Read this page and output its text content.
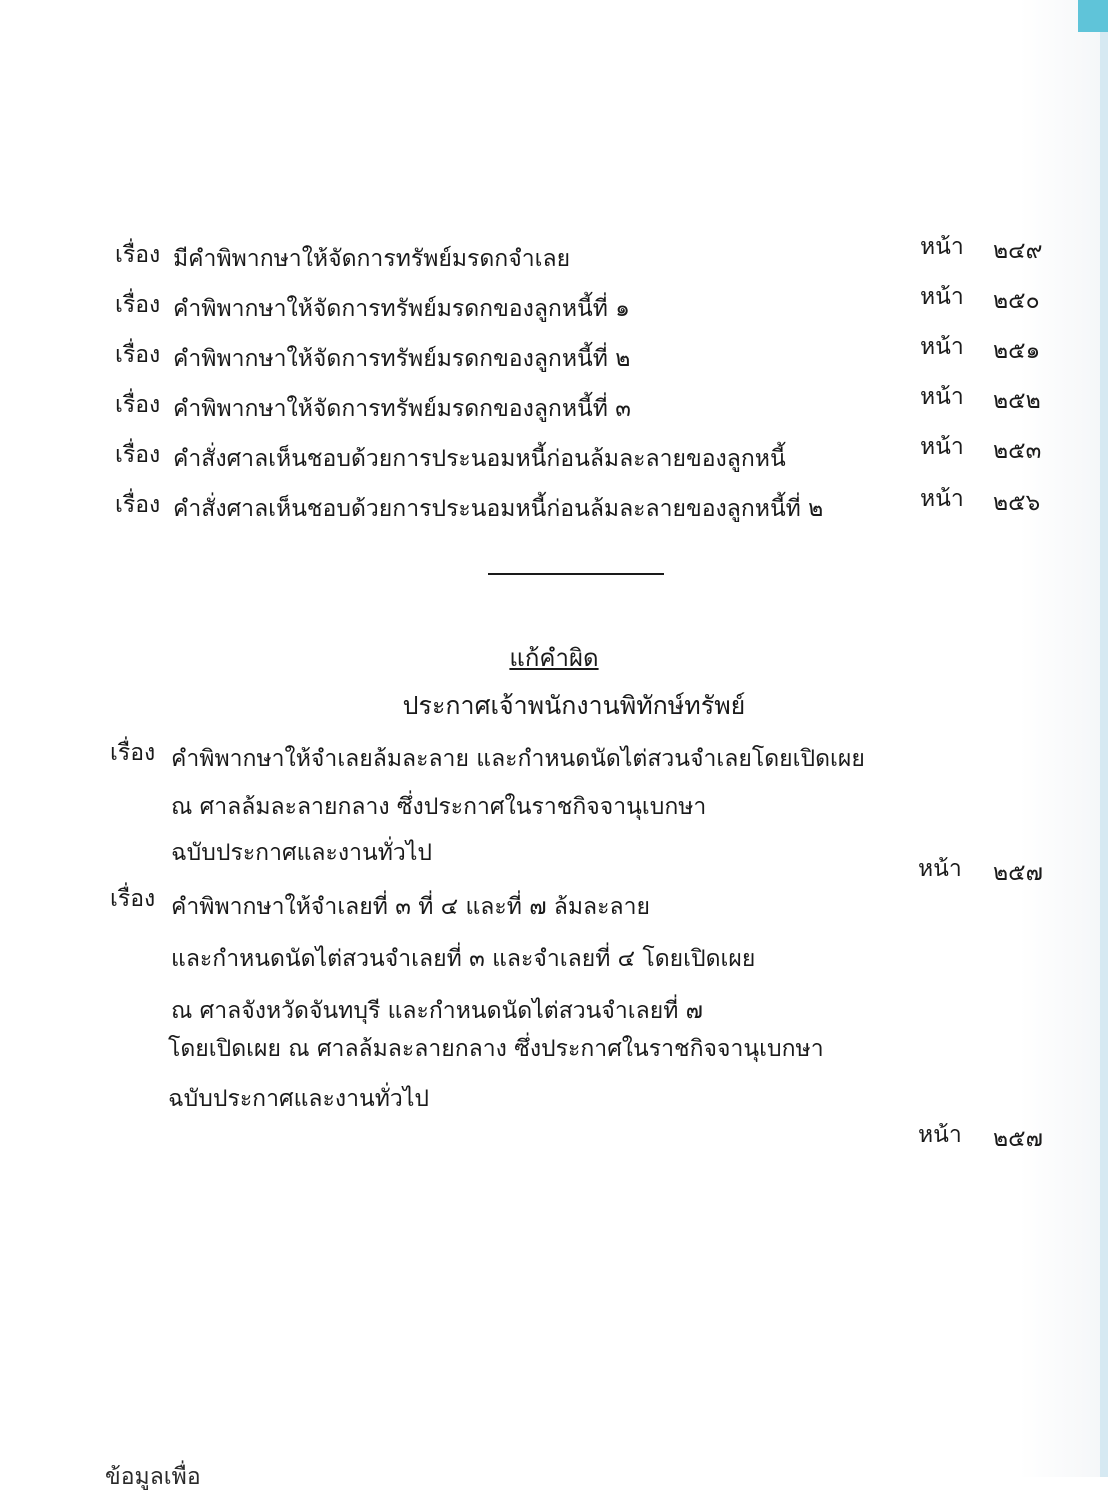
เรื่อง มีคำพิพากษาให้จัดการทรัพย์มรดกจำเลย	หน้า ๒๔๙
เรื่อง คำพิพากษาให้จัดการทรัพย์มรดกของลูกหนี้ที่ ๑	หน้า ๒๕๐
เรื่อง คำพิพากษาให้จัดการทรัพย์มรดกของลูกหนี้ที่ ๒	หน้า ๒๕๑
เรื่อง คำพิพากษาให้จัดการทรัพย์มรดกของลูกหนี้ที่ ๓	หน้า ๒๕๒
เรื่อง คำสั่งศาลเห็นชอบด้วยการประนอมหนี้ก่อนล้มละลายของลูกหนี้	หน้า ๒๕๓
เรื่อง คำสั่งศาลเห็นชอบด้วยการประนอมหนี้ก่อนล้มละลายของลูกหนี้ที่ ๒	หน้า ๒๕๖
แก้คำผิด
ประกาศเจ้าพนักงานพิทักษ์ทรัพย์
เรื่อง คำพิพากษาให้จำเลยล้มละลาย และกำหนดนัดไต่สวนจำเลยโดยเปิดเผย
ณ ศาลล้มละลายกลาง ซึ่งประกาศในราชกิจจานุเบกษา
ฉบับประกาศและงานทั่วไป
หน้า ๒๕๗
เรื่อง คำพิพากษาให้จำเลยที่ ๓ ที่ ๔ และที่ ๗ ล้มละลาย
และกำหนดนัดไต่สวนจำเลยที่ ๓ และจำเลยที่ ๔ โดยเปิดเผย
ณ ศาลจังหวัดจันทบุรี และกำหนดนัดไต่สวนจำเลยที่ ๗
โดยเปิดเผย ณ ศาลล้มละลายกลาง ซึ่งประกาศในราชกิจจานุเบกษา
ฉบับประกาศและงานทั่วไป
หน้า ๒๕๗
ข้อมูลเพื่อ
